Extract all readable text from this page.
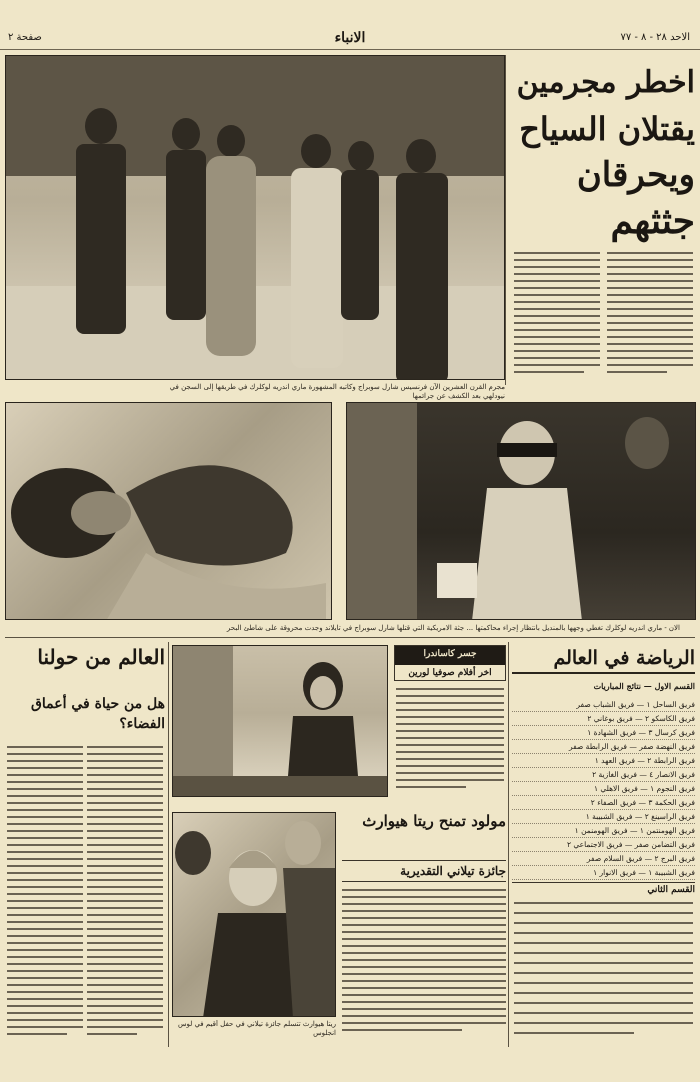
صفحة ٢	الانباء	الاحد ٢٨ - ٨ - ٧٧
مجرم القرن العشرين الآن فرنسيس شارل سوبراج وكاتبه المشهورة ماري اندريه لوكلرك في طريقها إلى السجن في نيودلهي بعد الكشف عن جرائمها
اخطر مجرمين
يقتلان السياح
ويحرقان
جثثهم
الان - ماري اندريه لوكلرك تغطي وجهها بالمنديل بانتظار إجراء محاكمتها ... جثة الامريكية التي قتلها شارل سوبراج في تايلاند وجدت محروقة على شاطئ البحر
العالم من حولنا
هل من حياة في أعماق الفضاء؟
جسر كاساندرا
اخر أفلام صوفيا لورين
ريتا هيوارث تتسلم جائزة تيلاني في حفل أقيم في لوس انجلوس
مولود تمنح ريتا هيوارث
جائزة تيلاني التقديرية
الرياضة في العالم
القسم الاول — نتائج المباريات
فريق الساحل ١ — فريق الشباب صفر
فريق الكاسكو ٢ — فريق بوغاني ٢
فريق كرسال ٣ — فريق الشهادة ١
فريق النهضة صفر — فريق الرابطة صفر
فريق الرابطة ٢ — فريق العهد ١
فريق الانصار ٤ — فريق الغازية ٢
فريق النجوم ١ — فريق الاهلي ١
فريق الحكمة ٣ — فريق الصفاء ٢
فريق الراسينغ ٢ — فريق الشبيبة ١
فريق الهومنتمن ١ — فريق الهومنمن ١
فريق التضامن صفر — فريق الاجتماعي ٢
فريق البرج ٢ — فريق السلام صفر
فريق الشبيبة ١ — فريق الانوار ١
القسم الثاني
